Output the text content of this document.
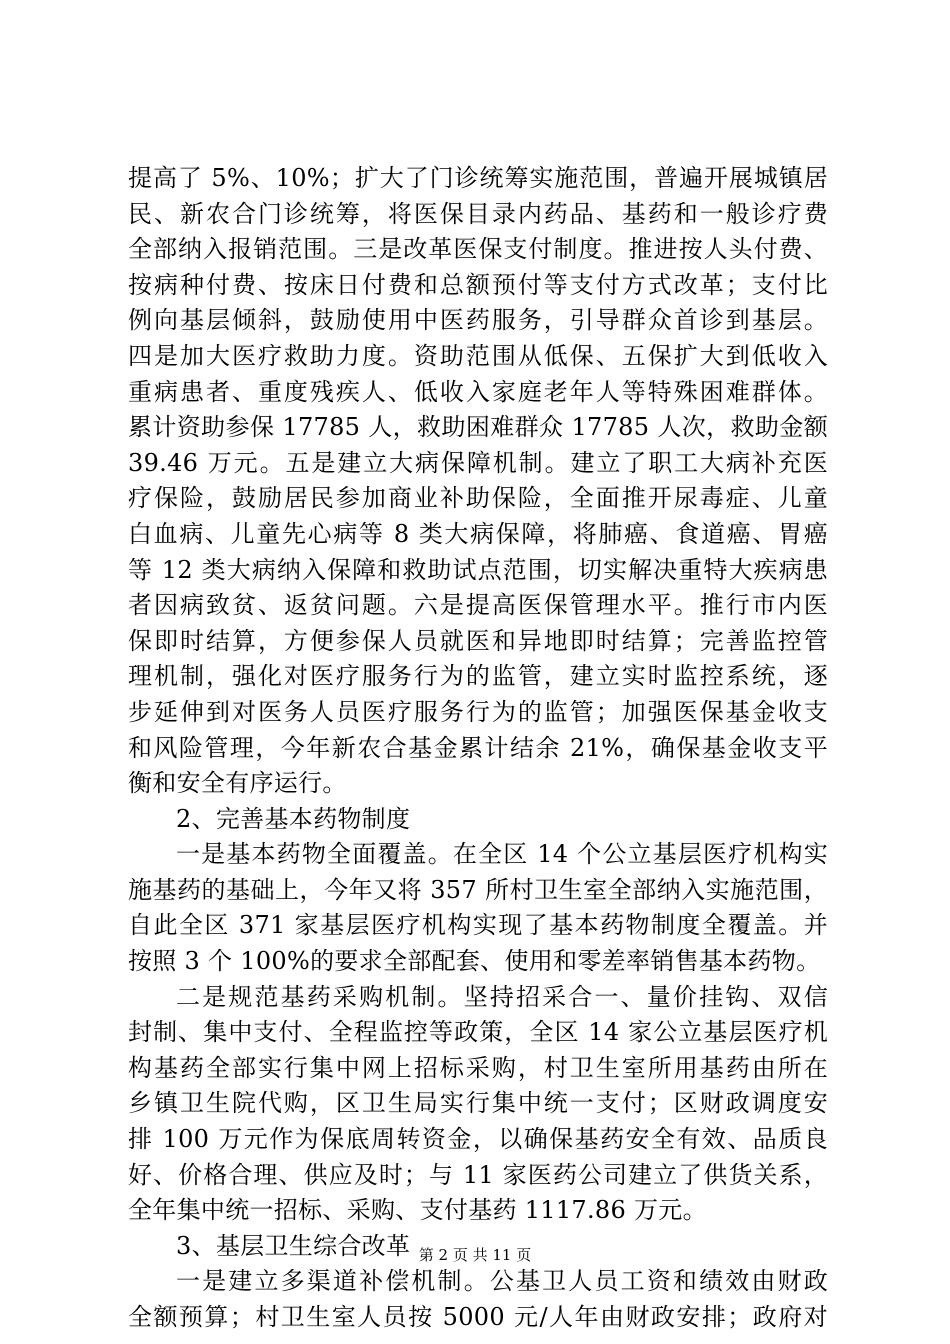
提高了 5%、10%；扩大了门诊统筹实施范围，普遍开展城镇居
民、新农合门诊统筹，将医保目录内药品、基药和一般诊疗费
全部纳入报销范围。三是改革医保支付制度。推进按人头付费、
按病种付费、按床日付费和总额预付等支付方式改革；支付比
例向基层倾斜，鼓励使用中医药服务，引导群众首诊到基层。
四是加大医疗救助力度。资助范围从低保、五保扩大到低收入
重病患者、重度残疾人、低收入家庭老年人等特殊困难群体。
累计资助参保 17785 人，救助困难群众 17785 人次，救助金额
39.46 万元。五是建立大病保障机制。建立了职工大病补充医
疗保险，鼓励居民参加商业补助保险，全面推开尿毒症、儿童
白血病、儿童先心病等 8 类大病保障，将肺癌、食道癌、胃癌
等 12 类大病纳入保障和救助试点范围，切实解决重特大疾病患
者因病致贫、返贫问题。六是提高医保管理水平。推行市内医
保即时结算，方便参保人员就医和异地即时结算；完善监控管
理机制，强化对医疗服务行为的监管，建立实时监控系统，逐
步延伸到对医务人员医疗服务行为的监管；加强医保基金收支
和风险管理，今年新农合基金累计结余 21%，确保基金收支平
衡和安全有序运行。
2、完善基本药物制度
一是基本药物全面覆盖。在全区 14 个公立基层医疗机构实
施基药的基础上，今年又将 357 所村卫生室全部纳入实施范围，
自此全区 371 家基层医疗机构实现了基本药物制度全覆盖。并
按照 3 个 100%的要求全部配套、使用和零差率销售基本药物。
二是规范基药采购机制。坚持招采合一、量价挂钩、双信
封制、集中支付、全程监控等政策，全区 14 家公立基层医疗机
构基药全部实行集中网上招标采购，村卫生室所用基药由所在
乡镇卫生院代购，区卫生局实行集中统一支付；区财政调度安
排 100 万元作为保底周转资金，以确保基药安全有效、品质良
好、价格合理、供应及时；与 11 家医药公司建立了供货关系，
全年集中统一招标、采购、支付基药 1117.86 万元。
3、基层卫生综合改革
一是建立多渠道补偿机制。公基卫人员工资和绩效由财政
全额预算；村卫生室人员按 5000 元/人年由财政安排；政府对
第 2 页 共 11 页
